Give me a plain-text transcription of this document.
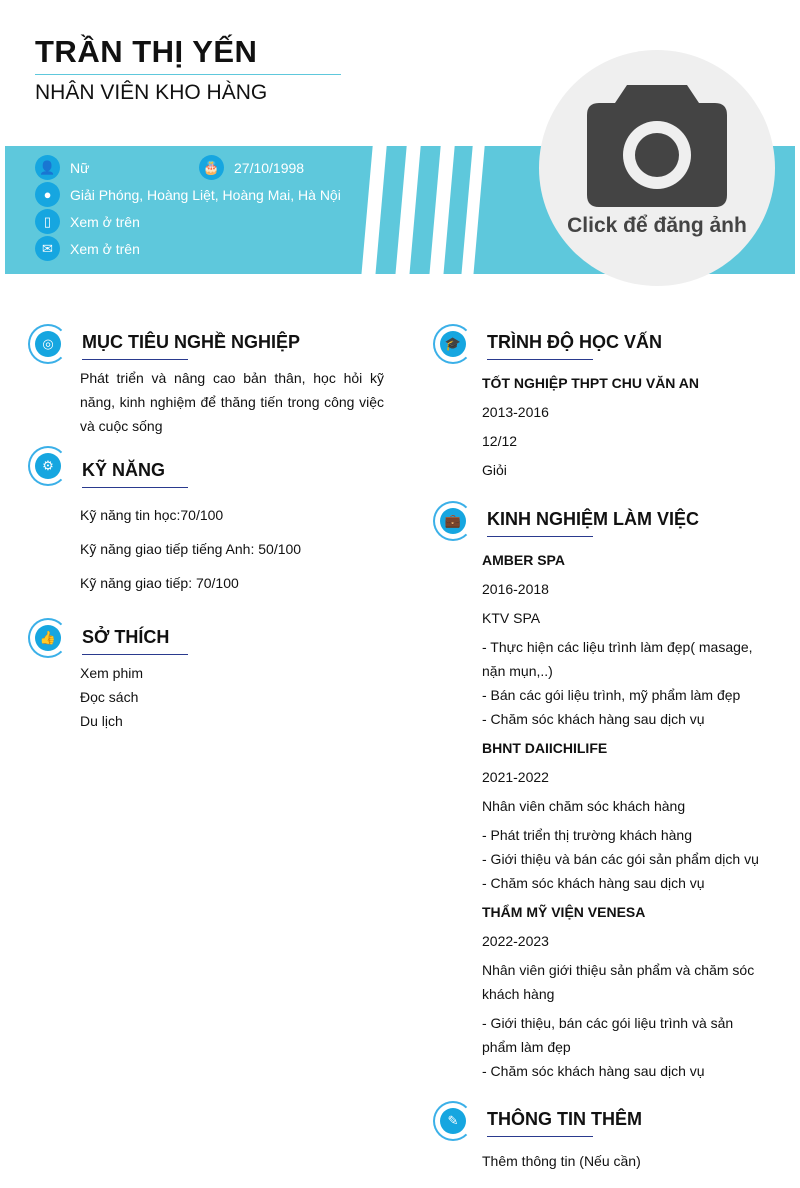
TRẦN THỊ YẾN
NHÂN VIÊN KHO HÀNG
👤	Nữ	🎂	27/10/1998
●	Giải Phóng, Hoàng Liệt, Hoàng Mai, Hà Nội
▯	Xem ở trên
✉	Xem ở trên
Click để đăng ảnh
◎	MỤC TIÊU NGHỀ NGHIỆP
Phát triển và nâng cao bản thân, học hỏi kỹ năng, kinh nghiệm để thăng tiến trong công việc và cuộc sống
⚙	KỸ NĂNG
Kỹ năng tin học:70/100
Kỹ năng giao tiếp tiếng Anh: 50/100
Kỹ năng giao tiếp: 70/100
👍 SỞ THÍCH
Xem phim
Đọc sách
Du lịch
🎓 TRÌNH ĐỘ HỌC VẤN
TỐT NGHIỆP THPT CHU VĂN AN
2013-2016
12/12
Giỏi
💼 KINH NGHIỆM LÀM VIỆC
AMBER SPA
2016-2018
KTV SPA
- Thực hiện các liệu trình làm đẹp( masage, nặn mụn,..)
- Bán các gói liệu trình, mỹ phẩm làm đẹp
- Chăm sóc khách hàng sau dịch vụ
BHNT DAIICHILIFE
2021-2022
Nhân viên chăm sóc khách hàng
- Phát triển thị trường khách hàng
- Giới thiệu và bán các gói sản phẩm dịch vụ
- Chăm sóc khách hàng sau dịch vụ
THẨM MỸ VIỆN VENESA
2022-2023
Nhân viên giới thiệu sản phẩm và chăm sóc khách hàng
- Giới thiệu, bán các gói liệu trình và sản phẩm làm đẹp
- Chăm sóc khách hàng sau dịch vụ
✎	THÔNG TIN THÊM
Thêm thông tin (Nếu cần)
